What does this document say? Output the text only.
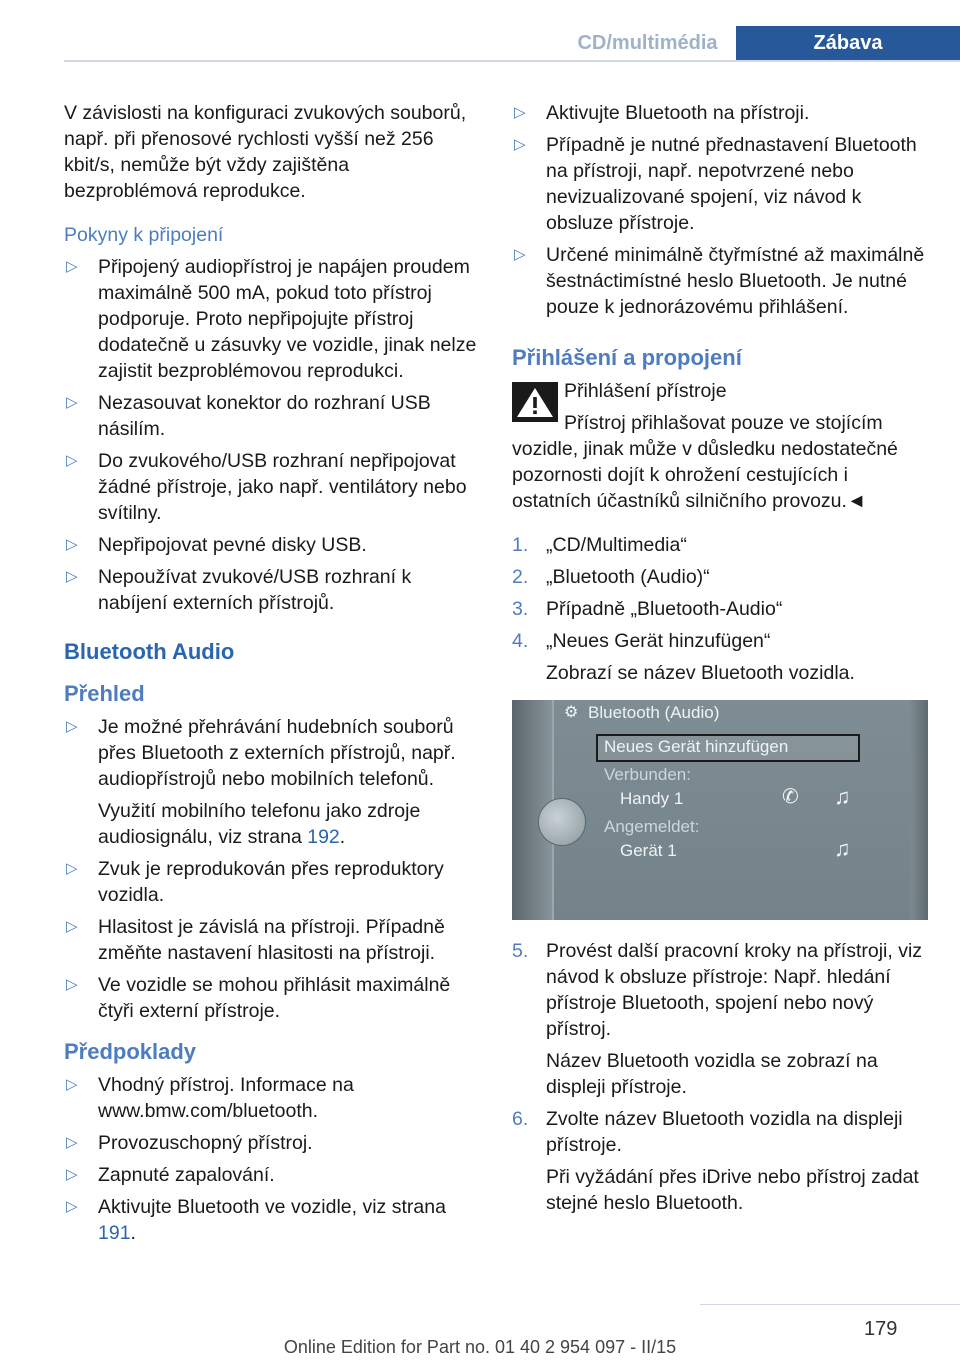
CD/multimédia	Zábava

V závislosti na konfiguraci zvukových souborů, např. při přenosové rychlosti vyšší než 256 kbit/s, nemůže být vždy zajištěna bezproblémová reprodukce.

Pokyny k připojení
▷ Připojený audiopřístroj je napájen proudem maximálně 500 mA, pokud toto přístroj podporuje. Proto nepřipojujte přístroj dodatečně u zásuvky ve vozidle, jinak nelze zajistit bezproblémovou reprodukci.
▷ Nezasouvat konektor do rozhraní USB násilím.
▷ Do zvukového/USB rozhraní nepřipojovat žádné přístroje, jako např. ventilátory nebo svítilny.
▷ Nepřipojovat pevné disky USB.
▷ Nepoužívat zvukové/USB rozhraní k nabíjení externích přístrojů.
Bluetooth Audio
Přehled
▷ Je možné přehrávání hudebních souborů přes Bluetooth z externích přístrojů, např. audiopřístrojů nebo mobilních telefonů.

Využití mobilního telefonu jako zdroje audiosignálu, viz strana 192.

▷ Zvuk je reprodukován přes reproduktory vozidla.
▷ Hlasitost je závislá na přístroji. Případně změňte nastavení hlasitosti na přístroji.
▷ Ve vozidle se mohou přihlásit maximálně čtyři externí přístroje.
Předpoklady
▷ Vhodný přístroj. Informace na www.bmw.com/bluetooth.
▷ Provozuschopný přístroj.
▷ Zapnuté zapalování.
▷ Aktivujte Bluetooth ve vozidle, viz strana 191.
▷ Aktivujte Bluetooth na přístroji.
▷ Případně je nutné přednastavení Bluetooth na přístroji, např. nepotvrzené nebo nevizualizované spojení, viz návod k obsluze přístroje.
▷ Určené minimálně čtyřmístné až maximálně šestnáctimístné heslo Bluetooth. Je nutné pouze k jednorázovému přihlášení.
Přihlášení a propojení

Přihlášení přístroje

Přístroj přihlašovat pouze ve stojícím vozidle, jinak může v důsledku nedostatečné pozornosti dojít k ohrožení cestujících i ostatních účastníků silničního provozu.◄

1. „CD/Multimedia“
2. „Bluetooth (Audio)“
3. Případně „Bluetooth-Audio“
4. „Neues Gerät hinzufügen“

Zobrazí se název Bluetooth vozidla.

⚙ Bluetooth (Audio)
Neues Gerät hinzufügen
Verbunden:
Handy 1	✆ ♫
Angemeldet:
Gerät 1	♫
5. Provést další pracovní kroky na přístroji, viz návod k obsluze přístroje: Např. hledání přístroje Bluetooth, spojení nebo nový přístroj.

Název Bluetooth vozidla se zobrazí na displeji přístroje.

6. Zvolte název Bluetooth vozidla na displeji přístroje.

Při vyžádání přes iDrive nebo přístroj zadat stejné heslo Bluetooth.

179
Online Edition for Part no. 01 40 2 954 097 - II/15
